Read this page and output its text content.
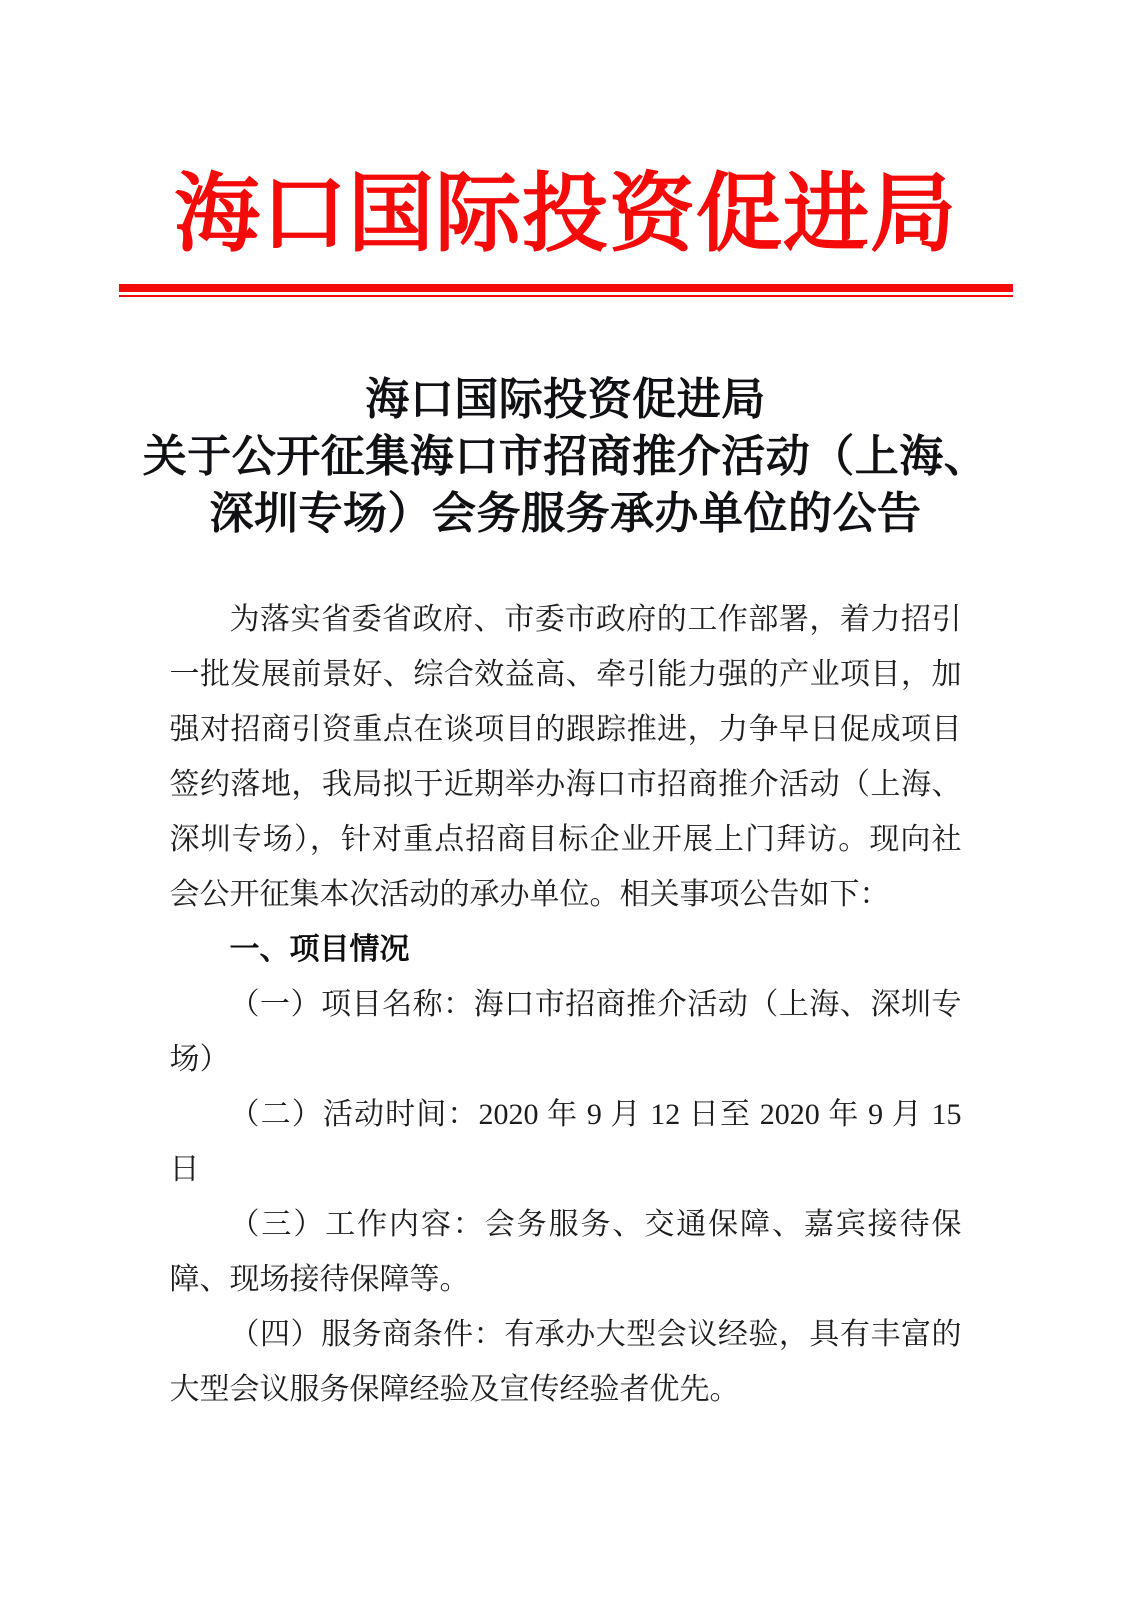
海口国际投资促进局
海口国际投资促进局
关于公开征集海口市招商推介活动（上海、
深圳专场）会务服务承办单位的公告

为落实省委省政府、市委市政府的工作部署，着力招引一批发展前景好、综合效益高、牵引能力强的产业项目，加强对招商引资重点在谈项目的跟踪推进，力争早日促成项目签约落地，我局拟于近期举办海口市招商推介活动（上海、深圳专场），针对重点招商目标企业开展上门拜访。现向社会公开征集本次活动的承办单位。相关事项公告如下：

一、项目情况

（一）项目名称：海口市招商推介活动（上海、深圳专场）

（二）活动时间：2020 年 9 月 12 日至 2020 年 9 月 15 日

（三）工作内容：会务服务、交通保障、嘉宾接待保障、现场接待保障等。

（四）服务商条件：有承办大型会议经验，具有丰富的大型会议服务保障经验及宣传经验者优先。
